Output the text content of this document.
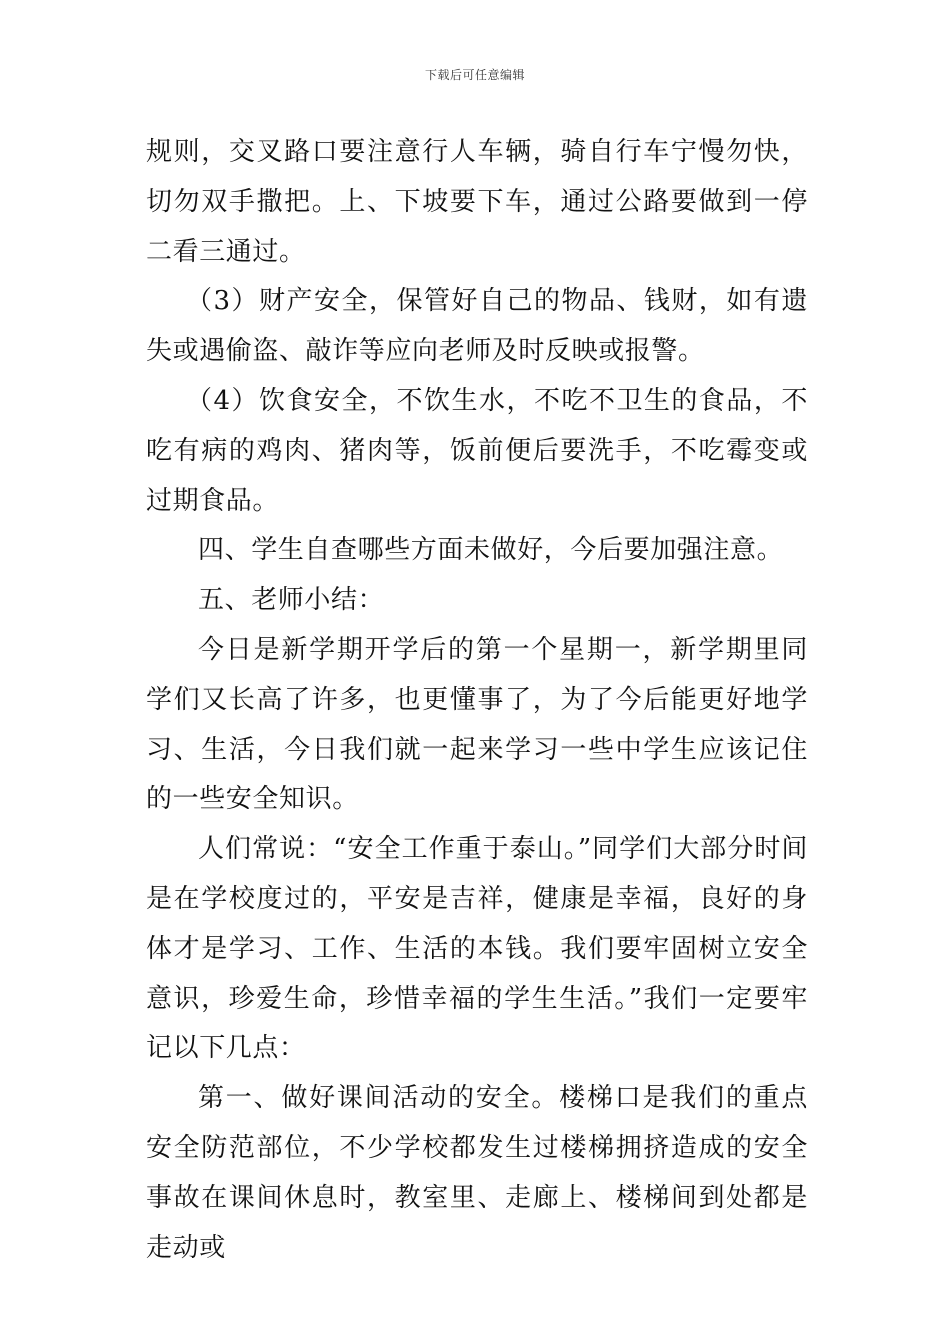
下载后可任意编辑

规则，交叉路口要注意行人车辆，骑自行车宁慢勿快，切勿双手撒把。上、下坡要下车，通过公路要做到一停二看三通过。

（3）财产安全，保管好自己的物品、钱财，如有遗失或遇偷盗、敲诈等应向老师及时反映或报警。

（4）饮食安全，不饮生水，不吃不卫生的食品，不吃有病的鸡肉、猪肉等，饭前便后要洗手，不吃霉变或过期食品。

四、学生自查哪些方面未做好，今后要加强注意。

五、老师小结：

今日是新学期开学后的第一个星期一，新学期里同学们又长高了许多，也更懂事了，为了今后能更好地学习、生活，今日我们就一起来学习一些中学生应该记住的一些安全知识。

人们常说：“安全工作重于泰山。”同学们大部分时间是在学校度过的，平安是吉祥，健康是幸福，良好的身体才是学习、工作、生活的本钱。我们要牢固树立安全意识，珍爱生命，珍惜幸福的学生生活。”我们一定要牢记以下几点：

第一、做好课间活动的安全。楼梯口是我们的重点安全防范部位，不少学校都发生过楼梯拥挤造成的安全事故在课间休息时，教室里、走廊上、楼梯间到处都是走动或
